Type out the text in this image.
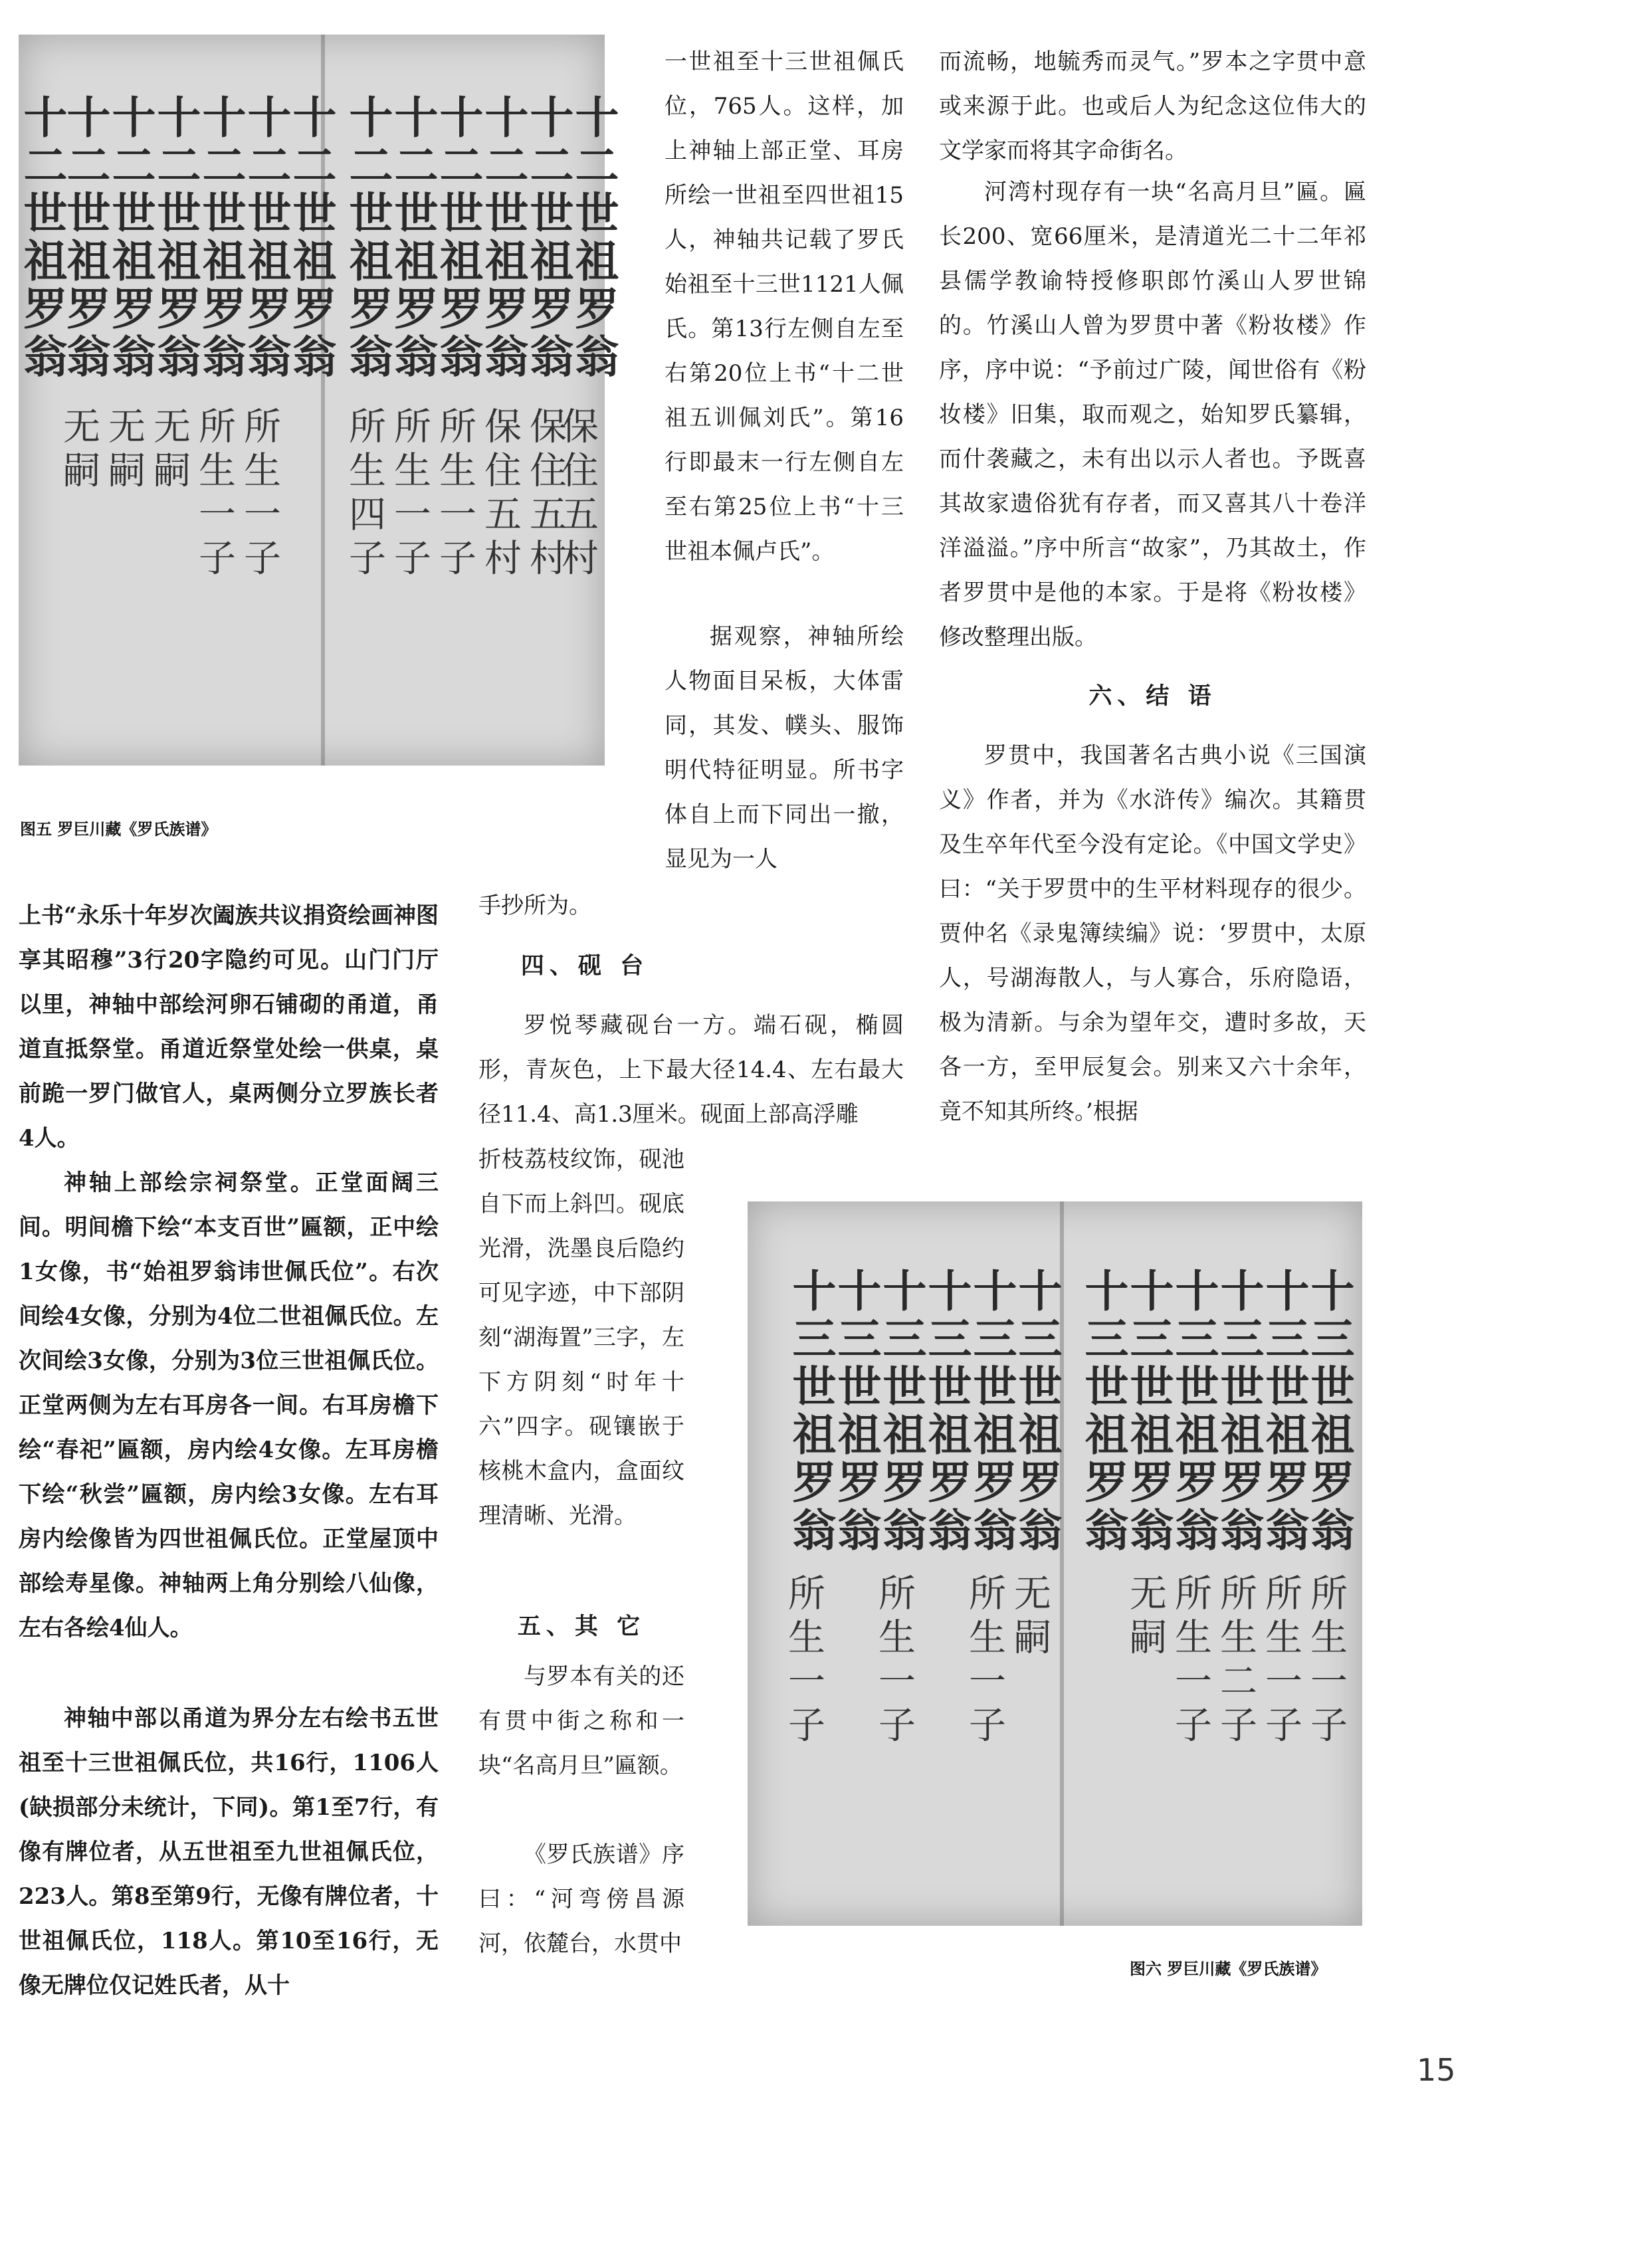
十二世祖罗翁
十二世祖罗翁
十二世祖罗翁
十二世祖罗翁
十二世祖罗翁
十二世祖罗翁
十二世祖罗翁
十二世祖罗翁
十二世祖罗翁
十二世祖罗翁
十二世祖罗翁
十二世祖罗翁
十二世祖罗翁
所生四子 所生一子 所生一子 保住五村 保住五村
保住五村
无嗣 无嗣 无嗣 所生一子 所生一子
图五 罗巨川藏《罗氏族谱》

一世祖至十三世祖佩氏位，765人。这样，加上神轴上部正堂、耳房所绘一世祖至四世祖15人，神轴共记载了罗氏始祖至十三世1121人佩氏。第13行左侧自左至右第20位上书“十二世祖五训佩刘氏”。第16行即最末一行左侧自左至右第25位上书“十三世祖本佩卢氏”。

据观察，神轴所绘人物面目呆板，大体雷同，其发、幞头、服饰明代特征明显。所书字体自上而下同出一撤，显见为一人

而流畅，地毓秀而灵气。”罗本之字贯中意或来源于此。也或后人为纪念这位伟大的文学家而将其字命街名。

河湾村现存有一块“名高月旦”匾。匾长200、宽66厘米，是清道光二十二年祁县儒学教谕特授修职郎竹溪山人罗世锦的。竹溪山人曾为罗贯中著《粉妆楼》作序，序中说：“予前过广陵，闻世俗有《粉妆楼》旧集，取而观之，始知罗氏纂辑，而什袭藏之，未有出以示人者也。予既喜其故家遗俗犹有存者，而又喜其八十卷洋洋溢溢。”序中所言“故家”，乃其故土，作者罗贯中是他的本家。于是将《粉妆楼》修改整理出版。

六、结 语

罗贯中，我国著名古典小说《三国演义》作者，并为《水浒传》编次。其籍贯及生卒年代至今没有定论。《中国文学史》曰：“关于罗贯中的生平材料现存的很少。贾仲名《录鬼簿续编》说：‘罗贯中，太原人，号湖海散人，与人寡合，乐府隐语，极为清新。与余为望年交，遭时多故，天各一方，至甲辰复会。别来又六十余年，竟不知其所终。’根据

上书“永乐十年岁次阖族共议捐资绘画神图享其昭穆”3行20字隐约可见。山门门厅以里，神轴中部绘河卵石铺砌的甬道，甬道直抵祭堂。甬道近祭堂处绘一供桌，桌前跪一罗门做官人，桌两侧分立罗族长者4人。

神轴上部绘宗祠祭堂。正堂面阔三间。明间檐下绘“本支百世”匾额，正中绘1女像，书“始祖罗翁讳世佩氏位”。右次间绘4女像，分别为4位二世祖佩氏位。左次间绘3女像，分别为3位三世祖佩氏位。正堂两侧为左右耳房各一间。右耳房檐下绘“春祀”匾额，房内绘4女像。左耳房檐下绘“秋尝”匾额，房内绘3女像。左右耳房内绘像皆为四世祖佩氏位。正堂屋顶中部绘寿星像。神轴两上角分别绘八仙像，左右各绘4仙人。

神轴中部以甬道为界分左右绘书五世祖至十三世祖佩氏位，共16行，1106人(缺损部分未统计，下同)。第1至7行，有像有牌位者，从五世祖至九世祖佩氏位，223人。第8至第9行，无像有牌位者，十世祖佩氏位，118人。第10至16行，无像无牌位仅记姓氏者，从十

手抄所为。

四、砚 台

罗悦琴藏砚台一方。端石砚，椭圆形，青灰色，上下最大径14.4、左右最大径11.4、高1.3厘米。砚面上部高浮雕

折枝荔枝纹饰，砚池自下而上斜凹。砚底光滑，洗墨良后隐约可见字迹，中下部阴刻“湖海置”三字，左下方阴刻“时年十六”四字。砚镶嵌于核桃木盒内，盒面纹理清晰、光滑。

五、其 它

与罗本有关的还有贯中街之称和一块“名高月旦”匾额。

《罗氏族谱》序曰：“河弯傍昌源河，依麓台，水贯中

十三世祖罗翁
十三世祖罗翁
十三世祖罗翁
十三世祖罗翁
十三世祖罗翁
十三世祖罗翁
十三世祖罗翁
十三世祖罗翁
十三世祖罗翁
十三世祖罗翁
十三世祖罗翁
十三世祖罗翁
所生一子
所生一子
所生二子
所生一子
无嗣
无嗣
所生一子
所生一子
所生一子
图六 罗巨川藏《罗氏族谱》
15
